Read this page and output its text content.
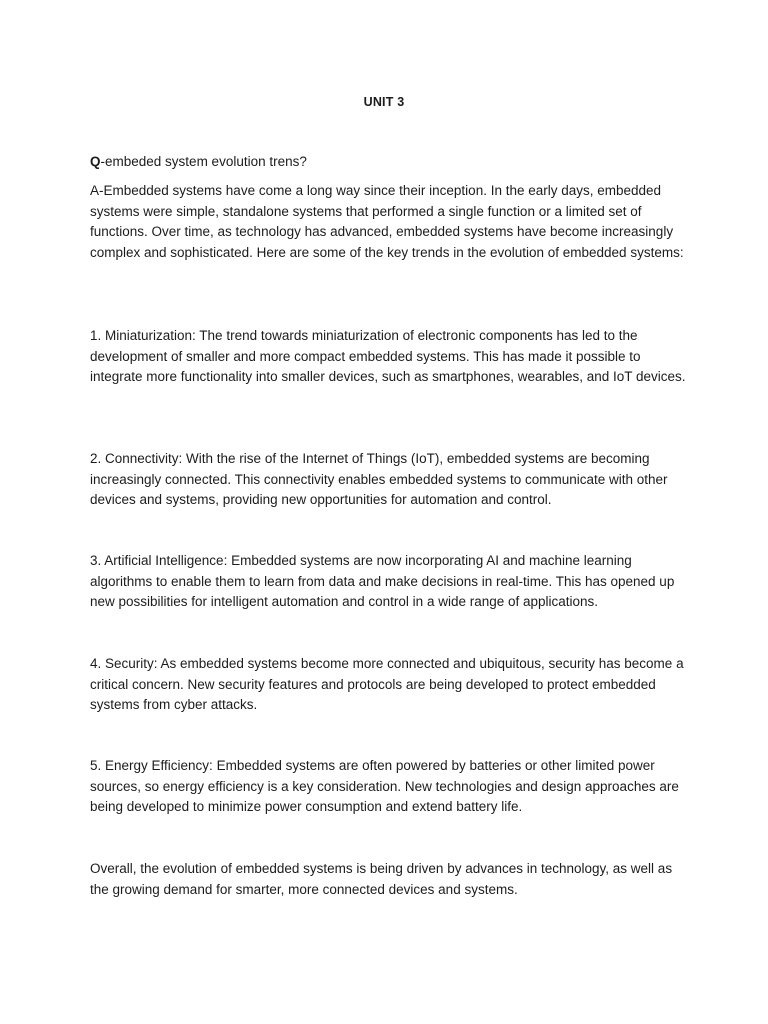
UNIT 3

Q-embeded system evolution trens?

A-Embedded systems have come a long way since their inception. In the early days, embedded systems were simple, standalone systems that performed a single function or a limited set of functions. Over time, as technology has advanced, embedded systems have become increasingly complex and sophisticated. Here are some of the key trends in the evolution of embedded systems:

1. Miniaturization: The trend towards miniaturization of electronic components has led to the development of smaller and more compact embedded systems. This has made it possible to integrate more functionality into smaller devices, such as smartphones, wearables, and IoT devices.

2. Connectivity: With the rise of the Internet of Things (IoT), embedded systems are becoming increasingly connected. This connectivity enables embedded systems to communicate with other devices and systems, providing new opportunities for automation and control.

3. Artificial Intelligence: Embedded systems are now incorporating AI and machine learning algorithms to enable them to learn from data and make decisions in real-time. This has opened up new possibilities for intelligent automation and control in a wide range of applications.

4. Security: As embedded systems become more connected and ubiquitous, security has become a critical concern. New security features and protocols are being developed to protect embedded systems from cyber attacks.

5. Energy Efficiency: Embedded systems are often powered by batteries or other limited power sources, so energy efficiency is a key consideration. New technologies and design approaches are being developed to minimize power consumption and extend battery life.

Overall, the evolution of embedded systems is being driven by advances in technology, as well as the growing demand for smarter, more connected devices and systems.
